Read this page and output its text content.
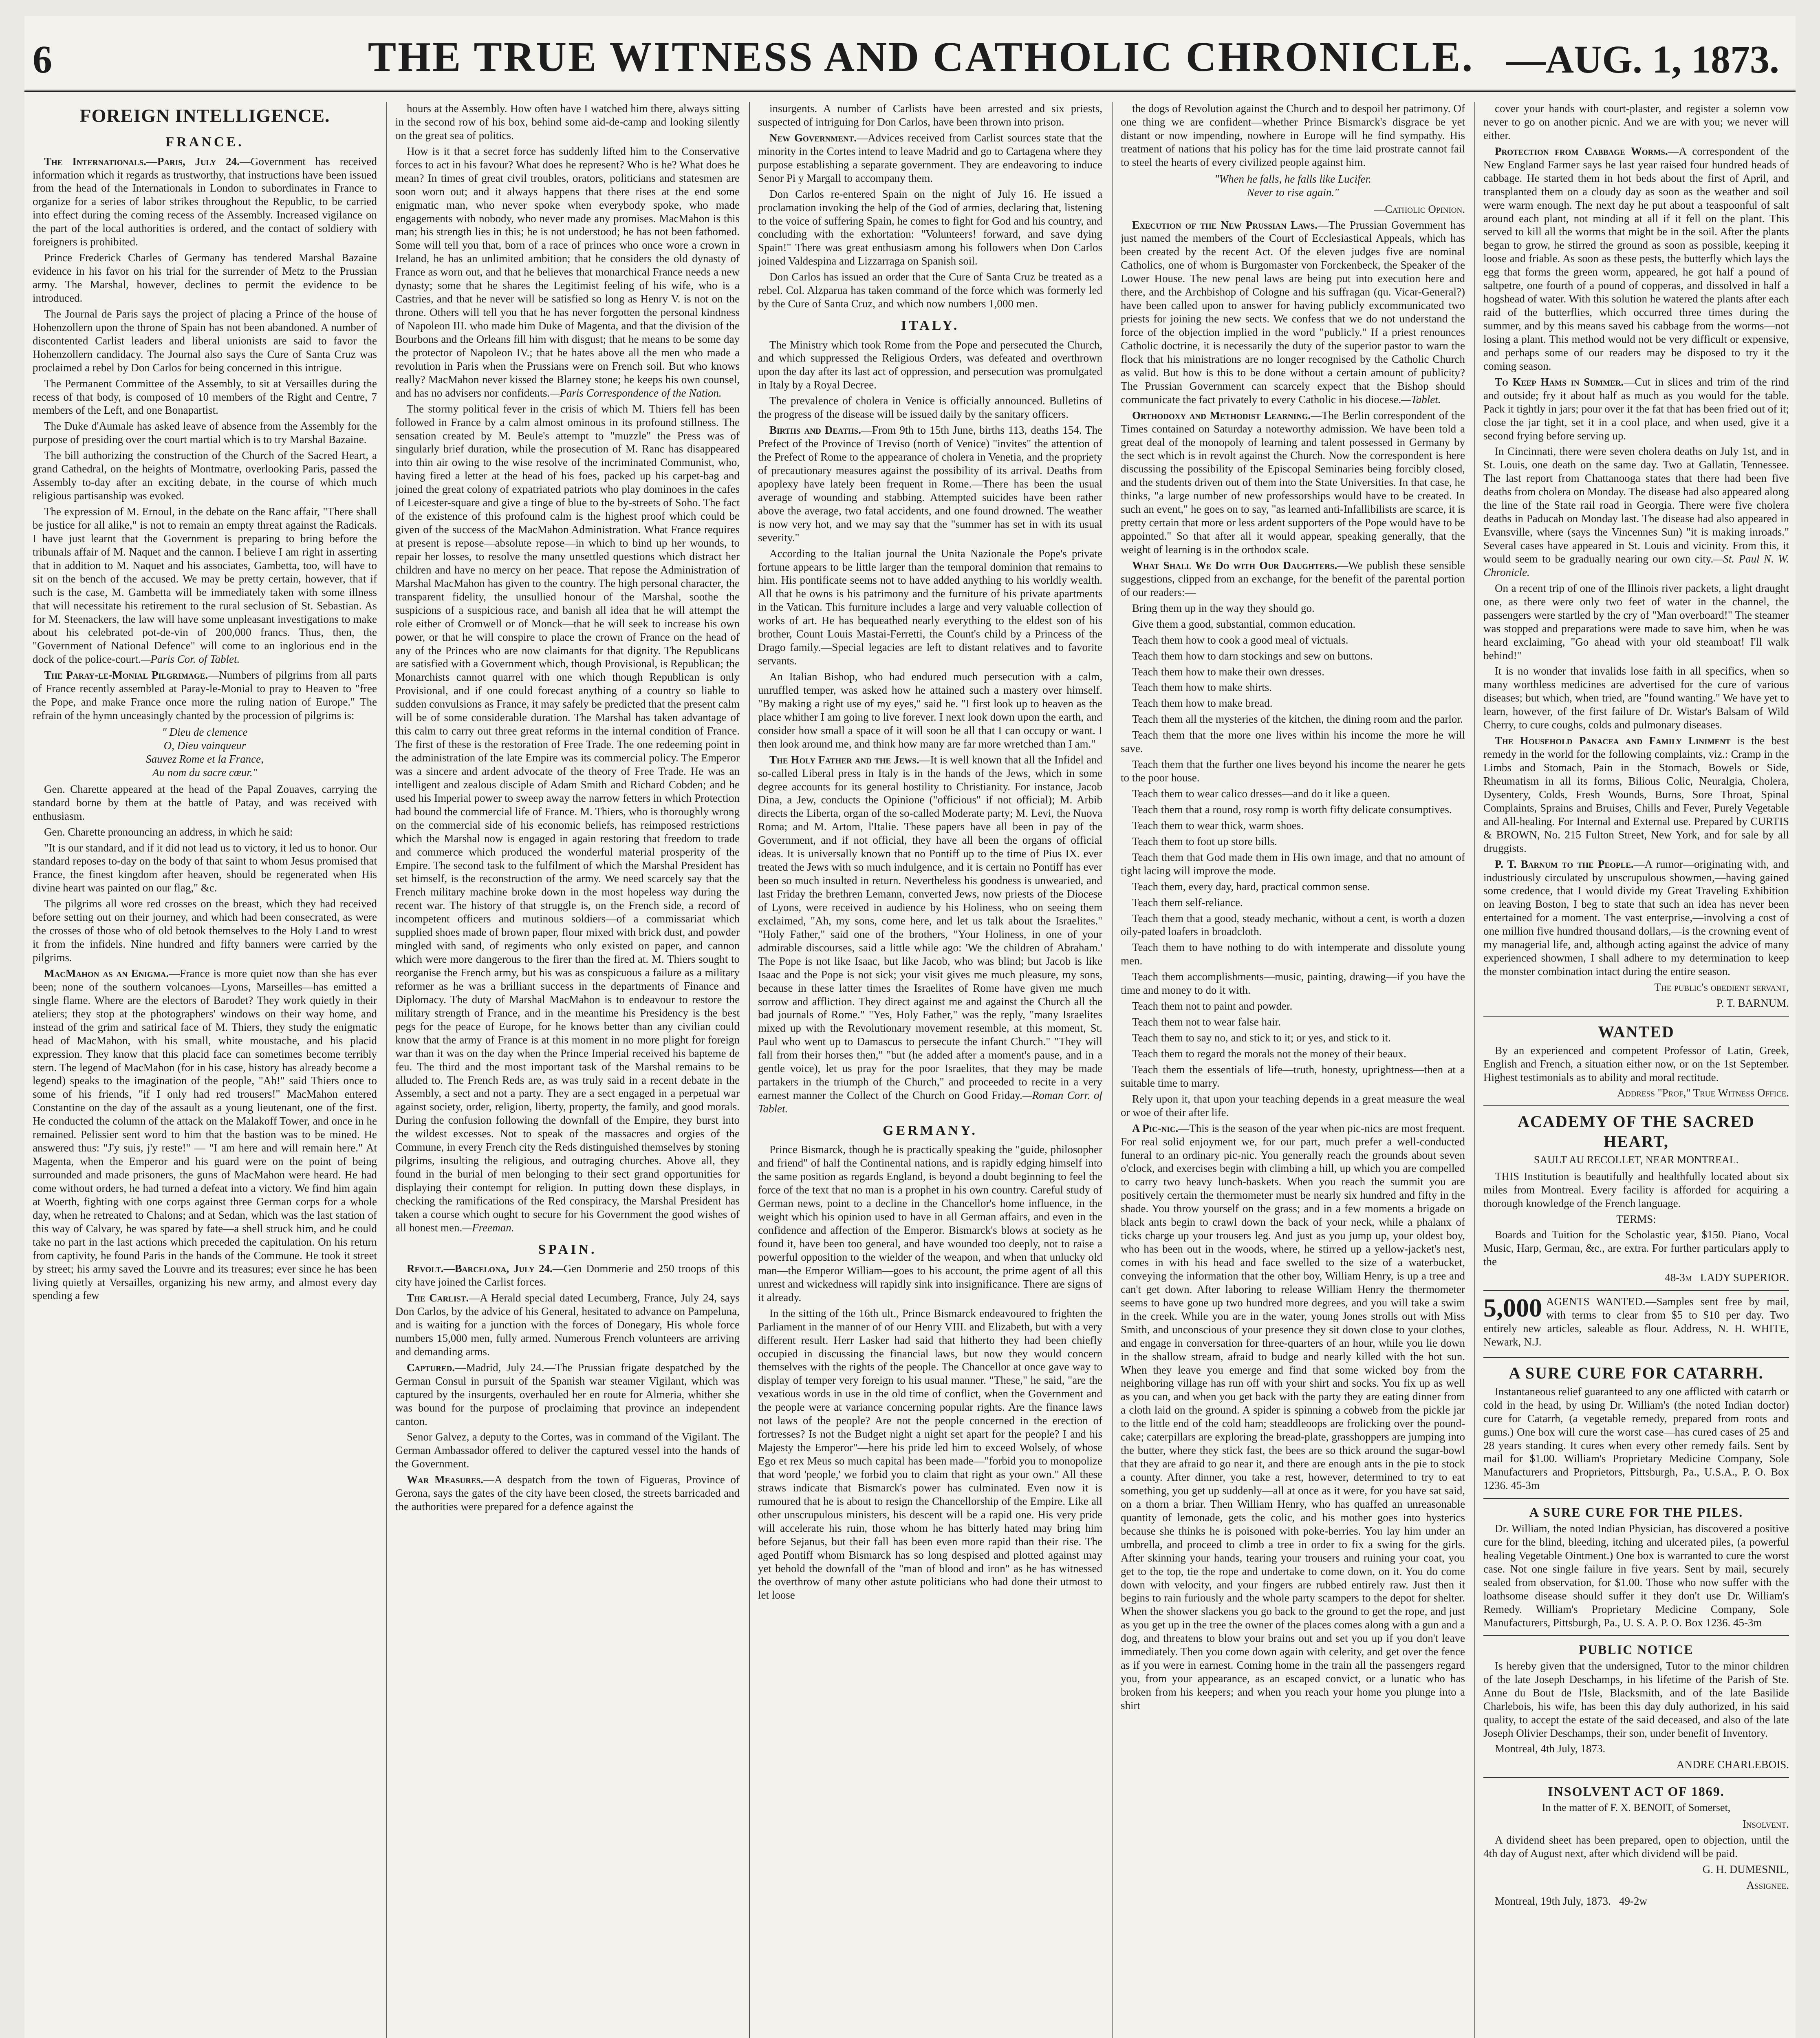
6	THE TRUE WITNESS AND CATHOLIC CHRONICLE. —AUG. 1, 1873.
FOREIGN INTELLIGENCE.
FRANCE.

The Internationals.—Paris, July 24.—Government has received information which it regards as trustworthy, that instructions have been issued from the head of the Internationals in London to subordinates in France to organize for a series of labor strikes throughout the Republic, to be carried into effect during the coming recess of the Assembly. Increased vigilance on the part of the local authorities is ordered, and the contact of soldiery with foreigners is prohibited.

Prince Frederick Charles of Germany has tendered Marshal Bazaine evidence in his favor on his trial for the surrender of Metz to the Prussian army. The Marshal, however, declines to permit the evidence to be introduced.

The Journal de Paris says the project of placing a Prince of the house of Hohenzollern upon the throne of Spain has not been abandoned. A number of discontented Carlist leaders and liberal unionists are said to favor the Hohenzollern candidacy. The Journal also says the Cure of Santa Cruz was proclaimed a rebel by Don Carlos for being concerned in this intrigue.

The Permanent Committee of the Assembly, to sit at Versailles during the recess of that body, is composed of 10 members of the Right and Centre, 7 members of the Left, and one Bonapartist.

The Duke d'Aumale has asked leave of absence from the Assembly for the purpose of presiding over the court martial which is to try Marshal Bazaine.

The bill authorizing the construction of the Church of the Sacred Heart, a grand Cathedral, on the heights of Montmatre, overlooking Paris, passed the Assembly to-day after an exciting debate, in the course of which much religious partisanship was evoked.

The expression of M. Ernoul, in the debate on the Ranc affair, "There shall be justice for all alike," is not to remain an empty threat against the Radicals. I have just learnt that the Government is preparing to bring before the tribunals affair of M. Naquet and the cannon. I believe I am right in asserting that in addition to M. Naquet and his associates, Gambetta, too, will have to sit on the bench of the accused. We may be pretty certain, however, that if such is the case, M. Gambetta will be immediately taken with some illness that will necessitate his retirement to the rural seclusion of St. Sebastian. As for M. Steenackers, the law will have some unpleasant investigations to make about his celebrated pot-de-vin of 200,000 francs. Thus, then, the "Government of National Defence" will come to an inglorious end in the dock of the police-court.—Paris Cor. of Tablet.

The Paray-le-Monial Pilgrimage.—Numbers of pilgrims from all parts of France recently assembled at Paray-le-Monial to pray to Heaven to "free the Pope, and make France once more the ruling nation of Europe." The refrain of the hymn unceasingly chanted by the procession of pilgrims is:

" Dieu de clemence
O, Dieu vainqueur
Sauvez Rome et la France,
Au nom du sacre cœur."

Gen. Charette appeared at the head of the Papal Zouaves, carrying the standard borne by them at the battle of Patay, and was received with enthusiasm.

Gen. Charette pronouncing an address, in which he said:

"It is our standard, and if it did not lead us to victory, it led us to honor. Our standard reposes to-day on the body of that saint to whom Jesus promised that France, the finest kingdom after heaven, should be regenerated when His divine heart was painted on our flag," &c.

The pilgrims all wore red crosses on the breast, which they had received before setting out on their journey, and which had been consecrated, as were the crosses of those who of old betook themselves to the Holy Land to wrest it from the infidels. Nine hundred and fifty banners were carried by the pilgrims.

MacMahon as an Enigma.—France is more quiet now than she has ever been; none of the southern volcanoes—Lyons, Marseilles—has emitted a single flame. Where are the electors of Barodet? They work quietly in their ateliers; they stop at the photographers' windows on their way home, and instead of the grim and satirical face of M. Thiers, they study the enigmatic head of MacMahon, with his small, white moustache, and his placid expression. They know that this placid face can sometimes become terribly stern. The legend of MacMahon (for in his case, history has already become a legend) speaks to the imagination of the people, "Ah!" said Thiers once to some of his friends, "if I only had red trousers!" MacMahon entered Constantine on the day of the assault as a young lieutenant, one of the first. He conducted the column of the attack on the Malakoff Tower, and once in he remained. Pelissier sent word to him that the bastion was to be mined. He answered thus: "J'y suis, j'y reste!" — "I am here and will remain here." At Magenta, when the Emperor and his guard were on the point of being surrounded and made prisoners, the guns of MacMahon were heard. He had come without orders, he had turned a defeat into a victory. We find him again at Woerth, fighting with one corps against three German corps for a whole day, when he retreated to Chalons; and at Sedan, which was the last station of this way of Calvary, he was spared by fate—a shell struck him, and he could take no part in the last actions which preceded the capitulation. On his return from captivity, he found Paris in the hands of the Commune. He took it street by street; his army saved the Louvre and its treasures; ever since he has been living quietly at Versailles, organizing his new army, and almost every day spending a few

hours at the Assembly. How often have I watched him there, always sitting in the second row of his box, behind some aid-de-camp and looking silently on the great sea of politics.

How is it that a secret force has suddenly lifted him to the Conservative forces to act in his favour? What does he represent? Who is he? What does he mean? In times of great civil troubles, orators, politicians and statesmen are soon worn out; and it always happens that there rises at the end some enigmatic man, who never spoke when everybody spoke, who made engagements with nobody, who never made any promises. MacMahon is this man; his strength lies in this; he is not understood; he has not been fathomed. Some will tell you that, born of a race of princes who once wore a crown in Ireland, he has an unlimited ambition; that he considers the old dynasty of France as worn out, and that he believes that monarchical France needs a new dynasty; some that he shares the Legitimist feeling of his wife, who is a Castries, and that he never will be satisfied so long as Henry V. is not on the throne. Others will tell you that he has never forgotten the personal kindness of Napoleon III. who made him Duke of Magenta, and that the division of the Bourbons and the Orleans fill him with disgust; that he means to be some day the protector of Napoleon IV.; that he hates above all the men who made a revolution in Paris when the Prussians were on French soil. But who knows really? MacMahon never kissed the Blarney stone; he keeps his own counsel, and has no advisers nor confidents.—Paris Correspondence of the Nation.

The stormy political fever in the crisis of which M. Thiers fell has been followed in France by a calm almost ominous in its profound stillness. The sensation created by M. Beule's attempt to "muzzle" the Press was of singularly brief duration, while the prosecution of M. Ranc has disappeared into thin air owing to the wise resolve of the incriminated Communist, who, having fired a letter at the head of his foes, packed up his carpet-bag and joined the great colony of expatriated patriots who play dominoes in the cafes of Leicester-square and give a tinge of blue to the by-streets of Soho. The fact of the existence of this profound calm is the highest proof which could be given of the success of the MacMahon Administration. What France requires at present is repose—absolute repose—in which to bind up her wounds, to repair her losses, to resolve the many unsettled questions which distract her children and have no mercy on her peace. That repose the Administration of Marshal MacMahon has given to the country. The high personal character, the transparent fidelity, the unsullied honour of the Marshal, soothe the suspicions of a suspicious race, and banish all idea that he will attempt the role either of Cromwell or of Monck—that he will seek to increase his own power, or that he will conspire to place the crown of France on the head of any of the Princes who are now claimants for that dignity. The Republicans are satisfied with a Government which, though Provisional, is Republican; the Monarchists cannot quarrel with one which though Republican is only Provisional, and if one could forecast anything of a country so liable to sudden convulsions as France, it may safely be predicted that the present calm will be of some considerable duration. The Marshal has taken advantage of this calm to carry out three great reforms in the internal condition of France. The first of these is the restoration of Free Trade. The one redeeming point in the administration of the late Empire was its commercial policy. The Emperor was a sincere and ardent advocate of the theory of Free Trade. He was an intelligent and zealous disciple of Adam Smith and Richard Cobden; and he used his Imperial power to sweep away the narrow fetters in which Protection had bound the commercial life of France. M. Thiers, who is thoroughly wrong on the commercial side of his economic beliefs, has reimposed restrictions which the Marshal now is engaged in again restoring that freedom to trade and commerce which produced the wonderful material prosperity of the Empire. The second task to the fulfilment of which the Marshal President has set himself, is the reconstruction of the army. We need scarcely say that the French military machine broke down in the most hopeless way during the recent war. The history of that struggle is, on the French side, a record of incompetent officers and mutinous soldiers—of a commissariat which supplied shoes made of brown paper, flour mixed with brick dust, and powder mingled with sand, of regiments who only existed on paper, and cannon which were more dangerous to the firer than the fired at. M. Thiers sought to reorganise the French army, but his was as conspicuous a failure as a military reformer as he was a brilliant success in the departments of Finance and Diplomacy. The duty of Marshal MacMahon is to endeavour to restore the military strength of France, and in the meantime his Presidency is the best pegs for the peace of Europe, for he knows better than any civilian could know that the army of France is at this moment in no more plight for foreign war than it was on the day when the Prince Imperial received his bapteme de feu. The third and the most important task of the Marshal remains to be alluded to. The French Reds are, as was truly said in a recent debate in the Assembly, a sect and not a party. They are a sect engaged in a perpetual war against society, order, religion, liberty, property, the family, and good morals. During the confusion following the downfall of the Empire, they burst into the wildest excesses. Not to speak of the massacres and orgies of the Commune, in every French city the Reds distinguished themselves by stoning pilgrims, insulting the religious, and outraging churches. Above all, they found in the burial of men belonging to their sect grand opportunities for displaying their contempt for religion. In putting down these displays, in checking the ramifications of the Red conspiracy, the Marshal President has taken a course which ought to secure for his Government the good wishes of all honest men.—Freeman.

SPAIN.

Revolt.—Barcelona, July 24.—Gen Dommerie and 250 troops of this city have joined the Carlist forces.

The Carlist.—A Herald special dated Lecumberg, France, July 24, says Don Carlos, by the advice of his General, hesitated to advance on Pampeluna, and is waiting for a junction with the forces of Donegary, His whole force numbers 15,000 men, fully armed. Numerous French volunteers are arriving and demanding arms.

Captured.—Madrid, July 24.—The Prussian frigate despatched by the German Consul in pursuit of the Spanish war steamer Vigilant, which was captured by the insurgents, overhauled her en route for Almeria, whither she was bound for the purpose of proclaiming that province an independent canton.

Senor Galvez, a deputy to the Cortes, was in command of the Vigilant. The German Ambassador offered to deliver the captured vessel into the hands of the Government.

War Measures.—A despatch from the town of Figueras, Province of Gerona, says the gates of the city have been closed, the streets barricaded and the authorities were prepared for a defence against the

insurgents. A number of Carlists have been arrested and six priests, suspected of intriguing for Don Carlos, have been thrown into prison.

New Government.—Advices received from Carlist sources state that the minority in the Cortes intend to leave Madrid and go to Cartagena where they purpose establishing a separate government. They are endeavoring to induce Senor Pi y Margall to accompany them.

Don Carlos re-entered Spain on the night of July 16. He issued a proclamation invoking the help of the God of armies, declaring that, listening to the voice of suffering Spain, he comes to fight for God and his country, and concluding with the exhortation: "Volunteers! forward, and save dying Spain!" There was great enthusiasm among his followers when Don Carlos joined Valdespina and Lizzarraga on Spanish soil.

Don Carlos has issued an order that the Cure of Santa Cruz be treated as a rebel. Col. Alzparua has taken command of the force which was formerly led by the Cure of Santa Cruz, and which now numbers 1,000 men.

ITALY.

The Ministry which took Rome from the Pope and persecuted the Church, and which suppressed the Religious Orders, was defeated and overthrown upon the day after its last act of oppression, and persecution was promulgated in Italy by a Royal Decree.

The prevalence of cholera in Venice is officially announced. Bulletins of the progress of the disease will be issued daily by the sanitary officers.

Births and Deaths.—From 9th to 15th June, births 113, deaths 154. The Prefect of the Province of Treviso (north of Venice) "invites" the attention of the Prefect of Rome to the appearance of cholera in Venetia, and the propriety of precautionary measures against the possibility of its arrival. Deaths from apoplexy have lately been frequent in Rome.—There has been the usual average of wounding and stabbing. Attempted suicides have been rather above the average, two fatal accidents, and one found drowned. The weather is now very hot, and we may say that the "summer has set in with its usual severity."

According to the Italian journal the Unita Nazionale the Pope's private fortune appears to be little larger than the temporal dominion that remains to him. His pontificate seems not to have added anything to his worldly wealth. All that he owns is his patrimony and the furniture of his private apartments in the Vatican. This furniture includes a large and very valuable collection of works of art. He has bequeathed nearly everything to the eldest son of his brother, Count Louis Mastai-Ferretti, the Count's child by a Princess of the Drago family.—Special legacies are left to distant relatives and to favorite servants.

An Italian Bishop, who had endured much persecution with a calm, unruffled temper, was asked how he attained such a mastery over himself. "By making a right use of my eyes," said he. "I first look up to heaven as the place whither I am going to live forever. I next look down upon the earth, and consider how small a space of it will soon be all that I can occupy or want. I then look around me, and think how many are far more wretched than I am."

The Holy Father and the Jews.—It is well known that all the Infidel and so-called Liberal press in Italy is in the hands of the Jews, which in some degree accounts for its general hostility to Christianity. For instance, Jacob Dina, a Jew, conducts the Opinione ("officious" if not official); M. Arbib directs the Liberta, organ of the so-called Moderate party; M. Levi, the Nuova Roma; and M. Artom, l'Italie. These papers have all been in pay of the Government, and if not official, they have all been the organs of official ideas. It is universally known that no Pontiff up to the time of Pius IX. ever treated the Jews with so much indulgence, and it is certain no Pontiff has ever been so much insulted in return. Nevertheless his goodness is unwearied, and last Friday the brethren Lemann, converted Jews, now priests of the Diocese of Lyons, were received in audience by his Holiness, who on seeing them exclaimed, "Ah, my sons, come here, and let us talk about the Israelites." "Holy Father," said one of the brothers, "Your Holiness, in one of your admirable discourses, said a little while ago: 'We the children of Abraham.' The Pope is not like Isaac, but like Jacob, who was blind; but Jacob is like Isaac and the Pope is not sick; your visit gives me much pleasure, my sons, because in these latter times the Israelites of Rome have given me much sorrow and affliction. They direct against me and against the Church all the bad journals of Rome." "Yes, Holy Father," was the reply, "many Israelites mixed up with the Revolutionary movement resemble, at this moment, St. Paul who went up to Damascus to persecute the infant Church." "They will fall from their horses then," "but (he added after a moment's pause, and in a gentle voice), let us pray for the poor Israelites, that they may be made partakers in the triumph of the Church," and proceeded to recite in a very earnest manner the Collect of the Church on Good Friday.—Roman Corr. of Tablet.

GERMANY.

Prince Bismarck, though he is practically speaking the "guide, philosopher and friend" of half the Continental nations, and is rapidly edging himself into the same position as regards England, is beyond a doubt beginning to feel the force of the text that no man is a prophet in his own country. Careful study of German news, point to a decline in the Chancellor's home influence, in the weight which his opinion used to have in all German affairs, and even in the confidence and affection of the Emperor. Bismarck's blows at society as he found it, have been too general, and have wounded too deeply, not to raise a powerful opposition to the wielder of the weapon, and when that unlucky old man—the Emperor William—goes to his account, the prime agent of all this unrest and wickedness will rapidly sink into insignificance. There are signs of it already.

In the sitting of the 16th ult., Prince Bismarck endeavoured to frighten the Parliament in the manner of of our Henry VIII. and Elizabeth, but with a very different result. Herr Lasker had said that hitherto they had been chiefly occupied in discussing the financial laws, but now they would concern themselves with the rights of the people. The Chancellor at once gave way to display of temper very foreign to his usual manner. "These," he said, "are the vexatious words in use in the old time of conflict, when the Government and the people were at variance concerning popular rights. Are the finance laws not laws of the people? Are not the people concerned in the erection of fortresses? Is not the Budget night a night set apart for the people? I and his Majesty the Emperor"—here his pride led him to exceed Wolsely, of whose Ego et rex Meus so much capital has been made—"forbid you to monopolize that word 'people,' we forbid you to claim that right as your own." All these straws indicate that Bismarck's power has culminated. Even now it is rumoured that he is about to resign the Chancellorship of the Empire. Like all other unscrupulous ministers, his descent will be a rapid one. His very pride will accelerate his ruin, those whom he has bitterly hated may bring him before Sejanus, but their fall has been even more rapid than their rise. The aged Pontiff whom Bismarck has so long despised and plotted against may yet behold the downfall of the "man of blood and iron" as he has witnessed the overthrow of many other astute politicians who had done their utmost to let loose

the dogs of Revolution against the Church and to despoil her patrimony. Of one thing we are confident—whether Prince Bismarck's disgrace be yet distant or now impending, nowhere in Europe will he find sympathy. His treatment of nations that his policy has for the time laid prostrate cannot fail to steel the hearts of every civilized people against him.

"When he falls, he falls like Lucifer.
Never to rise again."

—Catholic Opinion.

Execution of the New Prussian Laws.—The Prussian Government has just named the members of the Court of Ecclesiastical Appeals, which has been created by the recent Act. Of the eleven judges five are nominal Catholics, one of whom is Burgomaster von Forckenbeck, the Speaker of the Lower House. The new penal laws are being put into execution here and there, and the Archbishop of Cologne and his suffragan (qu. Vicar-General?) have been called upon to answer for having publicly excommunicated two priests for joining the new sects. We confess that we do not understand the force of the objection implied in the word "publicly." If a priest renounces Catholic doctrine, it is necessarily the duty of the superior pastor to warn the flock that his ministrations are no longer recognised by the Catholic Church as valid. But how is this to be done without a certain amount of publicity? The Prussian Government can scarcely expect that the Bishop should communicate the fact privately to every Catholic in his diocese.—Tablet.

Orthodoxy and Methodist Learning.—The Berlin correspondent of the Times contained on Saturday a noteworthy admission. We have been told a great deal of the monopoly of learning and talent possessed in Germany by the sect which is in revolt against the Church. Now the correspondent is here discussing the possibility of the Episcopal Seminaries being forcibly closed, and the students driven out of them into the State Universities. In that case, he thinks, "a large number of new professorships would have to be created. In such an event," he goes on to say, "as learned anti-Infallibilists are scarce, it is pretty certain that more or less ardent supporters of the Pope would have to be appointed." So that after all it would appear, speaking generally, that the weight of learning is in the orthodox scale.

What Shall We Do with Our Daughters.—We publish these sensible suggestions, clipped from an exchange, for the benefit of the parental portion of our readers:—

Bring them up in the way they should go.

Give them a good, substantial, common education.

Teach them how to cook a good meal of victuals.

Teach them how to darn stockings and sew on buttons.

Teach them how to make their own dresses.

Teach them how to make shirts.

Teach them how to make bread.

Teach them all the mysteries of the kitchen, the dining room and the parlor.

Teach them that the more one lives within his income the more he will save.

Teach them that the further one lives beyond his income the nearer he gets to the poor house.

Teach them to wear calico dresses—and do it like a queen.

Teach them that a round, rosy romp is worth fifty delicate consumptives.

Teach them to wear thick, warm shoes.

Teach them to foot up store bills.

Teach them that God made them in His own image, and that no amount of tight lacing will improve the mode.

Teach them, every day, hard, practical common sense.

Teach them self-reliance.

Teach them that a good, steady mechanic, without a cent, is worth a dozen oily-pated loafers in broadcloth.

Teach them to have nothing to do with intemperate and dissolute young men.

Teach them accomplishments—music, painting, drawing—if you have the time and money to do it with.

Teach them not to paint and powder.

Teach them not to wear false hair.

Teach them to say no, and stick to it; or yes, and stick to it.

Teach them to regard the morals not the money of their beaux.

Teach them the essentials of life—truth, honesty, uprightness—then at a suitable time to marry.

Rely upon it, that upon your teaching depends in a great measure the weal or woe of their after life.

A Pic-nic.—This is the season of the year when pic-nics are most frequent. For real solid enjoyment we, for our part, much prefer a well-conducted funeral to an ordinary pic-nic. You generally reach the grounds about seven o'clock, and exercises begin with climbing a hill, up which you are compelled to carry two heavy lunch-baskets. When you reach the summit you are positively certain the thermometer must be nearly six hundred and fifty in the shade. You throw yourself on the grass; and in a few moments a brigade on black ants begin to crawl down the back of your neck, while a phalanx of ticks charge up your trousers leg. And just as you jump up, your oldest boy, who has been out in the woods, where, he stirred up a yellow-jacket's nest, comes in with his head and face swelled to the size of a waterbucket, conveying the information that the other boy, William Henry, is up a tree and can't get down. After laboring to release William Henry the thermometer seems to have gone up two hundred more degrees, and you will take a swim in the creek. While you are in the water, young Jones strolls out with Miss Smith, and unconscious of your presence they sit down close to your clothes, and engage in conversation for three-quarters of an hour, while you lie down in the shallow stream, afraid to budge and nearly killed with the hot sun. When they leave you emerge and find that some wicked boy from the neighboring village has run off with your shirt and socks. You fix up as well as you can, and when you get back with the party they are eating dinner from a cloth laid on the ground. A spider is spinning a cobweb from the pickle jar to the little end of the cold ham; steaddleoops are frolicking over the pound-cake; caterpillars are exploring the bread-plate, grasshoppers are jumping into the butter, where they stick fast, the bees are so thick around the sugar-bowl that they are afraid to go near it, and there are enough ants in the pie to stock a county. After dinner, you take a rest, however, determined to try to eat something, you get up suddenly—all at once as it were, for you have sat said, on a thorn a briar. Then William Henry, who has quaffed an unreasonable quantity of lemonade, gets the colic, and his mother goes into hysterics because she thinks he is poisoned with poke-berries. You lay him under an umbrella, and proceed to climb a tree in order to fix a swing for the girls. After skinning your hands, tearing your trousers and ruining your coat, you get to the top, tie the rope and undertake to come down, on it. You do come down with velocity, and your fingers are rubbed entirely raw. Just then it begins to rain furiously and the whole party scampers to the depot for shelter. When the shower slackens you go back to the ground to get the rope, and just as you get up in the tree the owner of the places comes along with a gun and a dog, and threatens to blow your brains out and set you up if you don't leave immediately. Then you come down again with celerity, and get over the fence as if you were in earnest. Coming home in the train all the passengers regard you, from your appearance, as an escaped convict, or a lunatic who has broken from his keepers; and when you reach your home you plunge into a shirt

cover your hands with court-plaster, and register a solemn vow never to go on another picnic. And we are with you; we never will either.

Protection from Cabbage Worms.—A correspondent of the New England Farmer says he last year raised four hundred heads of cabbage. He started them in hot beds about the first of April, and transplanted them on a cloudy day as soon as the weather and soil were warm enough. The next day he put about a teaspoonful of salt around each plant, not minding at all if it fell on the plant. This served to kill all the worms that might be in the soil. After the plants began to grow, he stirred the ground as soon as possible, keeping it loose and friable. As soon as these pests, the butterfly which lays the egg that forms the green worm, appeared, he got half a pound of saltpetre, one fourth of a pound of copperas, and dissolved in half a hogshead of water. With this solution he watered the plants after each raid of the butterflies, which occurred three times during the summer, and by this means saved his cabbage from the worms—not losing a plant. This method would not be very difficult or expensive, and perhaps some of our readers may be disposed to try it the coming season.

To Keep Hams in Summer.—Cut in slices and trim of the rind and outside; fry it about half as much as you would for the table. Pack it tightly in jars; pour over it the fat that has been fried out of it; close the jar tight, set it in a cool place, and when used, give it a second frying before serving up.

In Cincinnati, there were seven cholera deaths on July 1st, and in St. Louis, one death on the same day. Two at Gallatin, Tennessee. The last report from Chattanooga states that there had been five deaths from cholera on Monday. The disease had also appeared along the line of the State rail road in Georgia. There were five cholera deaths in Paducah on Monday last. The disease had also appeared in Evansville, where (says the Vincennes Sun) "it is making inroads." Several cases have appeared in St. Louis and vicinity. From this, it would seem to be gradually nearing our own city.—St. Paul N. W. Chronicle.

On a recent trip of one of the Illinois river packets, a light draught one, as there were only two feet of water in the channel, the passengers were startled by the cry of "Man overboard!" The steamer was stopped and preparations were made to save him, when he was heard exclaiming, "Go ahead with your old steamboat! I'll walk behind!"

It is no wonder that invalids lose faith in all specifics, when so many worthless medicines are advertised for the cure of various diseases; but which, when tried, are "found wanting." We have yet to learn, however, of the first failure of Dr. Wistar's Balsam of Wild Cherry, to cure coughs, colds and pulmonary diseases.

The Household Panacea and Family Liniment is the best remedy in the world for the following complaints, viz.: Cramp in the Limbs and Stomach, Pain in the Stomach, Bowels or Side, Rheumatism in all its forms, Bilious Colic, Neuralgia, Cholera, Dysentery, Colds, Fresh Wounds, Burns, Sore Throat, Spinal Complaints, Sprains and Bruises, Chills and Fever, Purely Vegetable and All-healing. For Internal and External use. Prepared by CURTIS & BROWN, No. 215 Fulton Street, New York, and for sale by all druggists.

P. T. Barnum to the People.—A rumor—originating with, and industriously circulated by unscrupulous showmen,—having gained some credence, that I would divide my Great Traveling Exhibition on leaving Boston, I beg to state that such an idea has never been entertained for a moment. The vast enterprise,—involving a cost of one million five hundred thousand dollars,—is the crowning event of my managerial life, and, although acting against the advice of many experienced showmen, I shall adhere to my determination to keep the monster combination intact during the entire season.

The public's obedient servant,

P. T. BARNUM.

WANTED

By an experienced and competent Professor of Latin, Greek, English and French, a situation either now, or on the 1st September. Highest testimonials as to ability and moral rectitude.

Address "Prof," True Witness Office.

ACADEMY OF THE SACRED HEART,
SAULT AU RECOLLET, NEAR MONTREAL.

THIS Institution is beautifully and healthfully located about six miles from Montreal. Every facility is afforded for acquiring a thorough knowledge of the French language.

TERMS:

Boards and Tuition for the Scholastic year, $150. Piano, Vocal Music, Harp, German, &c., are extra. For further particulars apply to the

48-3m LADY SUPERIOR.

5,000 AGENTS WANTED.—Samples sent free by mail, with terms to clear from $5 to $10 per day. Two entirely new articles, saleable as flour. Address, N. H. WHITE, Newark, N.J.

A SURE CURE FOR CATARRH.

Instantaneous relief guaranteed to any one afflicted with catarrh or cold in the head, by using Dr. William's (the noted Indian doctor) cure for Catarrh, (a vegetable remedy, prepared from roots and gums.) One box will cure the worst case—has cured cases of 25 and 28 years standing. It cures when every other remedy fails. Sent by mail for $1.00. William's Proprietary Medicine Company, Sole Manufacturers and Proprietors, Pittsburgh, Pa., U.S.A., P. O. Box 1236. 45-3m

A SURE CURE FOR THE PILES.

Dr. William, the noted Indian Physician, has discovered a positive cure for the blind, bleeding, itching and ulcerated piles, (a powerful healing Vegetable Ointment.) One box is warranted to cure the worst case. Not one single failure in five years. Sent by mail, securely sealed from observation, for $1.00. Those who now suffer with the loathsome disease should suffer it they don't use Dr. William's Remedy. William's Proprietary Medicine Company, Sole Manufacturers, Pittsburgh, Pa., U. S. A. P. O. Box 1236. 45-3m

PUBLIC NOTICE

Is hereby given that the undersigned, Tutor to the minor children of the late Joseph Deschamps, in his lifetime of the Parish of Ste. Anne du Bout de l'Isle, Blacksmith, and of the late Basilide Charlebois, his wife, has been this day duly authorized, in his said quality, to accept the estate of the said deceased, and also of the late Joseph Olivier Deschamps, their son, under benefit of Inventory.

Montreal, 4th July, 1873.

ANDRE CHARLEBOIS.

INSOLVENT ACT OF 1869.
In the matter of F. X. BENOIT, of Somerset,

Insolvent.

A dividend sheet has been prepared, open to objection, until the 4th day of August next, after which dividend will be paid.

G. H. DUMESNIL,

Assignee.

Montreal, 19th July, 1873. 49-2w
